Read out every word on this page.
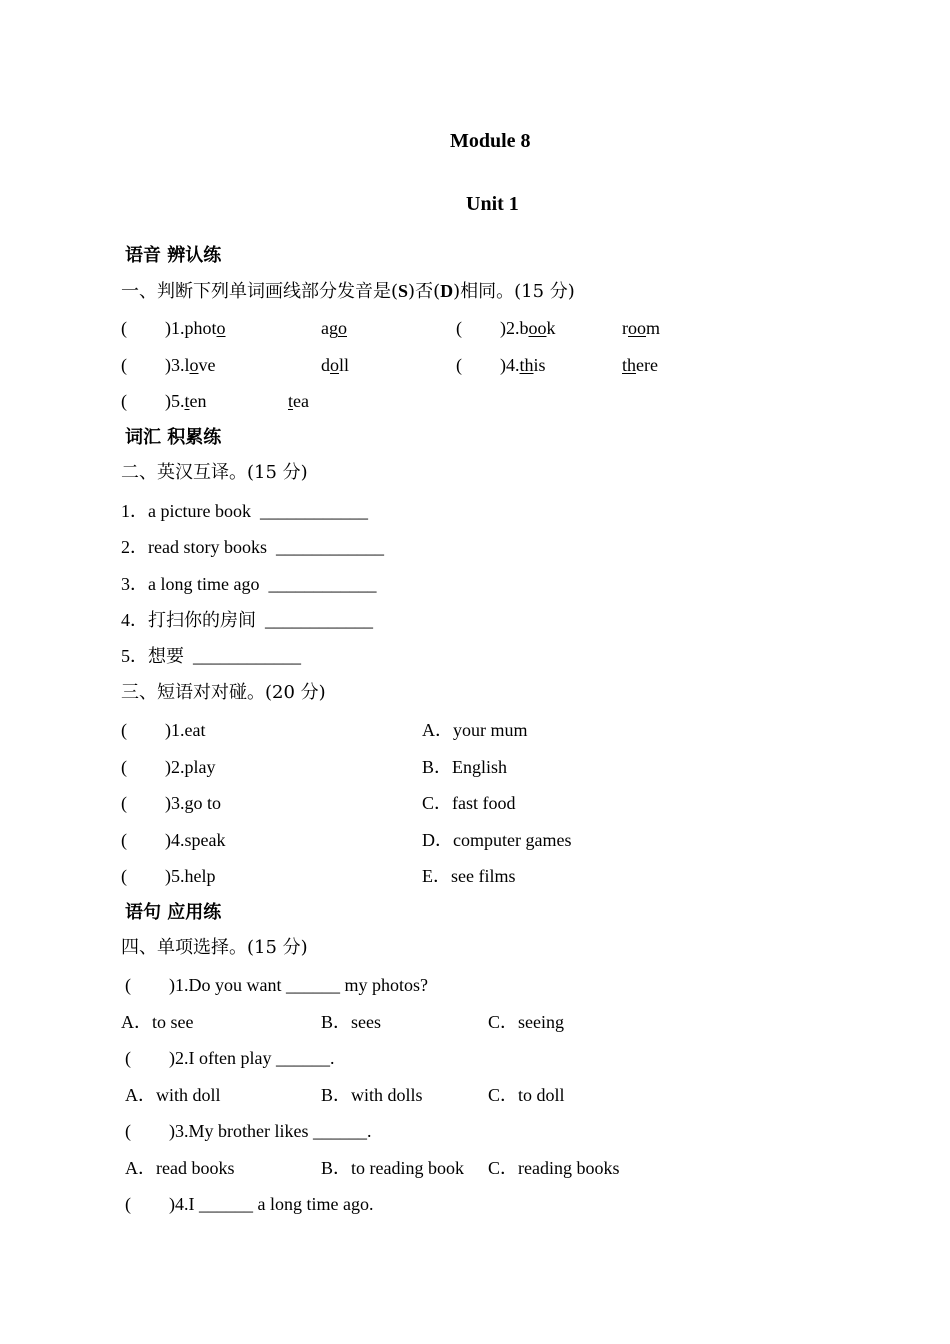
Module 8
Unit 1
语音 辨认练
一、判断下列单词画线部分发音是(S)否(D)相同。(15 分)
( )1.photo	ago	( )2.book	room
( )3.love	doll	( )4.this	there
( )5.ten	tea
词汇 积累练
二、英汉互译。(15 分)
1．a picture book ____________
2．read story books ____________
3．a long time ago ____________
4．打扫你的房间 ____________
5．想要 ____________
三、短语对对碰。(20 分)
( )1.eat	A．your mum
( )2.play	B．English
( )3.go to	C．fast food
( )4.speak	D．computer games
( )5.help	E．see films
语句 应用练
四、单项选择。(15 分)
( )1.Do you want ______ my photos?
A．to see	B．sees	C．seeing
( )2.I often play ______.
A．with doll	B．with dolls	C．to doll
( )3.My brother likes ______.
A．read books	B．to reading book C．reading books
( )4.I ______ a long time ago.
